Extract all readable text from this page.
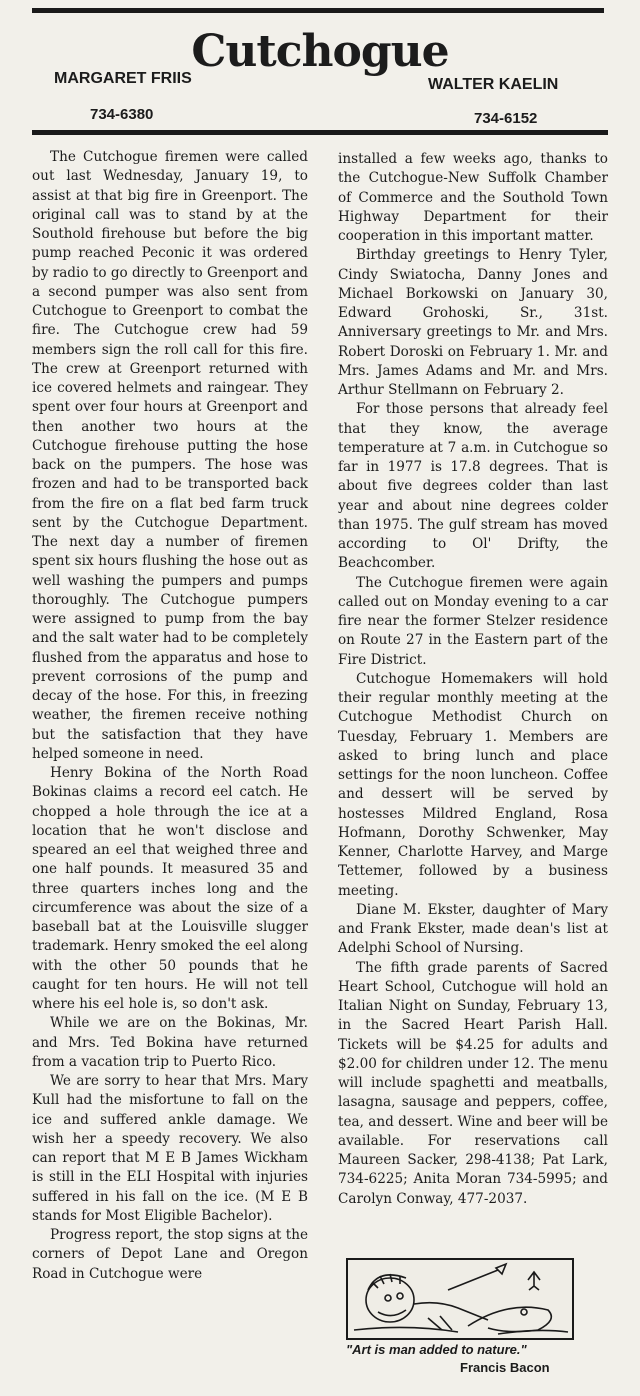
Cutchogue
MARGARET FRIIS
734-6380
WALTER KAELIN
734-6152

The Cutchogue firemen were called out last Wednesday, January 19, to assist at that big fire in Greenport. The original call was to stand by at the Southold firehouse but before the big pump reached Peconic it was ordered by radio to go directly to Greenport and a second pumper was also sent from Cutchogue to Greenport to combat the fire. The Cutchogue crew had 59 members sign the roll call for this fire. The crew at Greenport returned with ice covered helmets and raingear. They spent over four hours at Greenport and then another two hours at the Cutchogue firehouse putting the hose back on the pumpers. The hose was frozen and had to be transported back from the fire on a flat bed farm truck sent by the Cutchogue Department. The next day a number of firemen spent six hours flushing the hose out as well washing the pumpers and pumps thoroughly. The Cutchogue pumpers were assigned to pump from the bay and the salt water had to be completely flushed from the apparatus and hose to prevent corrosions of the pump and decay of the hose. For this, in freezing weather, the firemen receive nothing but the satisfaction that they have helped someone in need.

Henry Bokina of the North Road Bokinas claims a record eel catch. He chopped a hole through the ice at a location that he won't disclose and speared an eel that weighed three and one half pounds. It measured 35 and three quarters inches long and the circumference was about the size of a baseball bat at the Louisville slugger trademark. Henry smoked the eel along with the other 50 pounds that he caught for ten hours. He will not tell where his eel hole is, so don't ask.

While we are on the Bokinas, Mr. and Mrs. Ted Bokina have returned from a vacation trip to Puerto Rico.

We are sorry to hear that Mrs. Mary Kull had the misfortune to fall on the ice and suffered ankle damage. We wish her a speedy recovery. We also can report that M E B James Wickham is still in the ELI Hospital with injuries suffered in his fall on the ice. (M E B stands for Most Eligible Bachelor).

Progress report, the stop signs at the corners of Depot Lane and Oregon Road in Cutchogue were

installed a few weeks ago, thanks to the Cutchogue-New Suffolk Chamber of Commerce and the Southold Town Highway Department for their cooperation in this important matter.

Birthday greetings to Henry Tyler, Cindy Swiatocha, Danny Jones and Michael Borkowski on January 30, Edward Grohoski, Sr., 31st. Anniversary greetings to Mr. and Mrs. Robert Doroski on February 1. Mr. and Mrs. James Adams and Mr. and Mrs. Arthur Stellmann on February 2.

For those persons that already feel that they know, the average temperature at 7 a.m. in Cutchogue so far in 1977 is 17.8 degrees. That is about five degrees colder than last year and about nine degrees colder than 1975. The gulf stream has moved according to Ol' Drifty, the Beachcomber.

The Cutchogue firemen were again called out on Monday evening to a car fire near the former Stelzer residence on Route 27 in the Eastern part of the Fire District.

Cutchogue Homemakers will hold their regular monthly meeting at the Cutchogue Methodist Church on Tuesday, February 1. Members are asked to bring lunch and place settings for the noon luncheon. Coffee and dessert will be served by hostesses Mildred England, Rosa Hofmann, Dorothy Schwenker, May Kenner, Charlotte Harvey, and Marge Tettemer, followed by a business meeting.

Diane M. Ekster, daughter of Mary and Frank Ekster, made dean's list at Adelphi School of Nursing.

The fifth grade parents of Sacred Heart School, Cutchogue will hold an Italian Night on Sunday, February 13, in the Sacred Heart Parish Hall. Tickets will be $4.25 for adults and $2.00 for children under 12. The menu will include spaghetti and meatballs, lasagna, sausage and peppers, coffee, tea, and dessert. Wine and beer will be available. For reservations call Maureen Sacker, 298-4138; Pat Lark, 734-6225; Anita Moran 734-5995; and Carolyn Conway, 477-2037.

"Art is man added to nature."
Francis Bacon
